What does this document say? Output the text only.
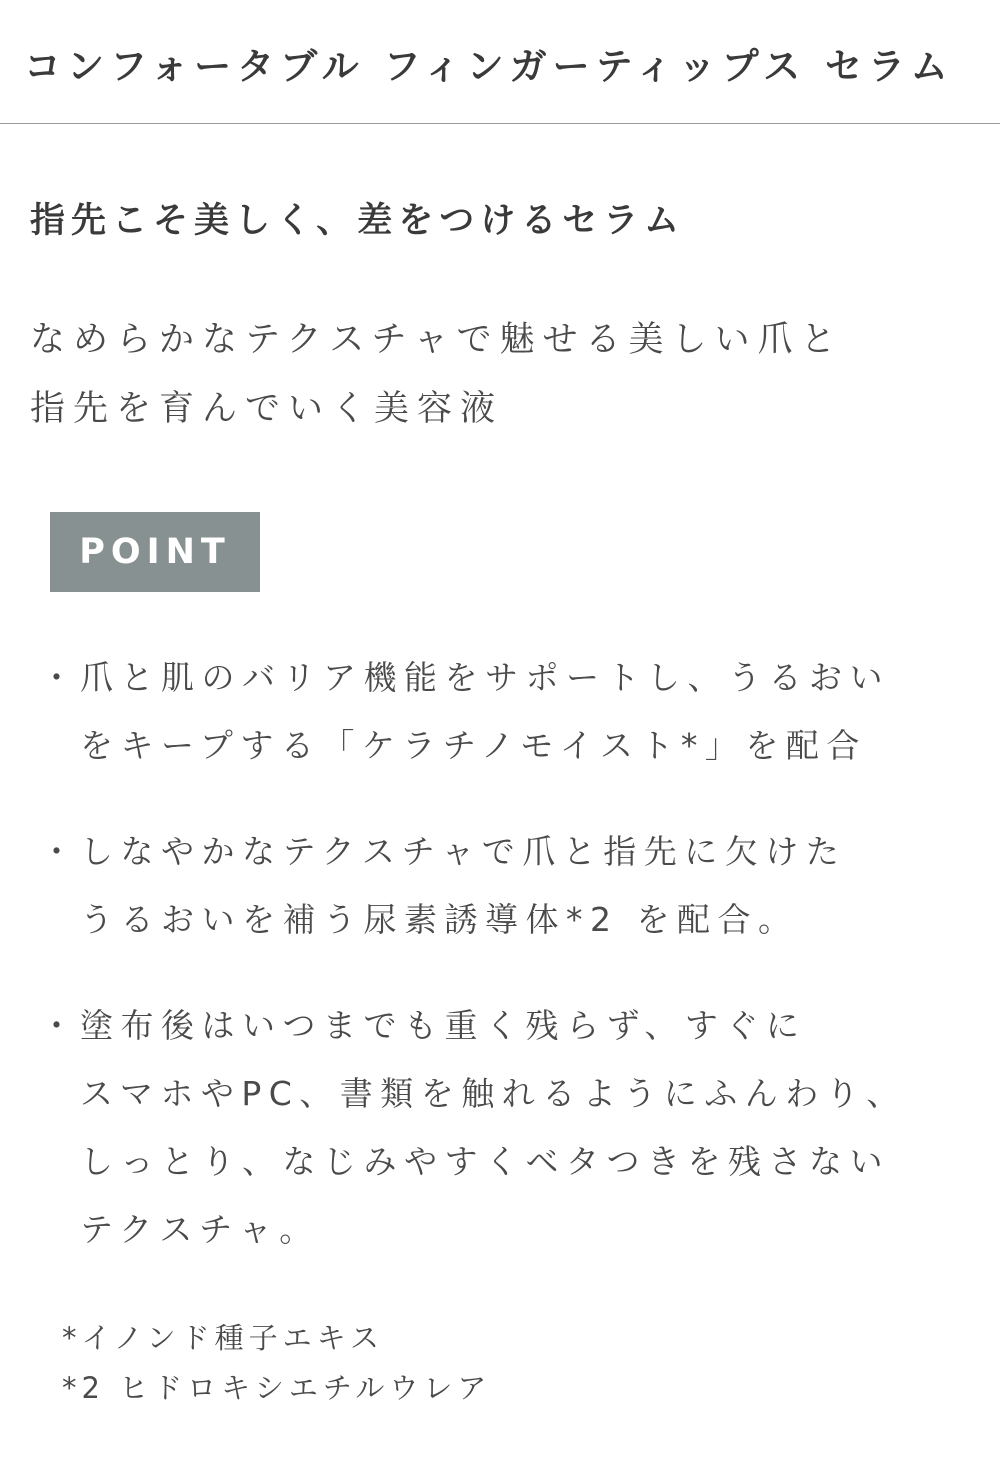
コンフォータブル フィンガーティップス セラム
指先こそ美しく、差をつけるセラム
なめらかなテクスチャで魅せる美しい爪と
指先を育んでいく美容液
POINT
・ 爪と肌のバリア機能をサポートし、うるおい
をキープする「ケラチノモイスト*」を配合
・ しなやかなテクスチャで爪と指先に欠けた
うるおいを補う尿素誘導体*2 を配合。
・ 塗布後はいつまでも重く残らず、すぐに
スマホやPC、書類を触れるようにふんわり、
しっとり、なじみやすくベタつきを残さない
テクスチャ。
*イノンド種子エキス
*2 ヒドロキシエチルウレア
